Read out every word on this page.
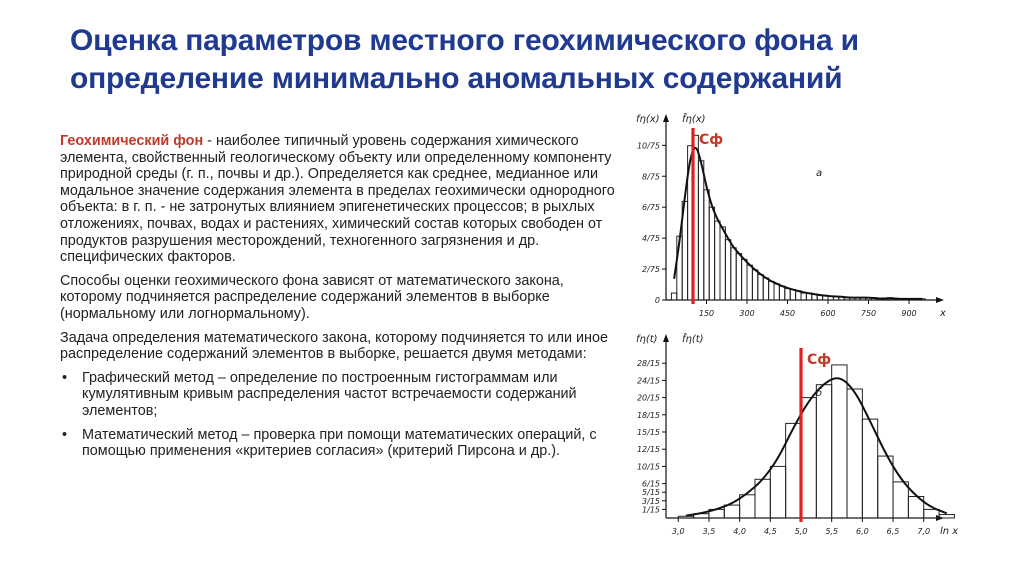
Оценка параметров местного геохимического фона и
определение минимально аномальных содержаний

Геохимический фон - наиболее типичный уровень содержания химического элемента, свойственный геологическому объекту или определенному компоненту природной среды (г. п., почвы и др.). Определяется как среднее, медианное или модальное значение содержания элемента в пределах геохимически однородного объекта: в г. п. - не затронутых влиянием эпигенетических процессов; в рыхлых отложениях, почвах, водах и растениях, химический состав которых свободен от продуктов разрушения месторождений, техногенного загрязнения и др. специфических факторов.

Способы оценки геохимического фона зависят от математического закона, которому подчиняется распределение содержаний элементов в выборке (нормальному или логнормальному).

Задача определения математического закона, которому подчиняется то или иное распределение содержаний элементов в выборке, решается двумя методами:

• Графический метод – определение по построенным гистограммам или кумулятивным кривым распределения частот встречаемости содержаний элементов;
• Математический метод – проверка при помощи математических операций, с помощью применения «критериев согласия» (критерий Пирсона и др.).
150	300	450	600	750	900
0
2/75
4/75
6/75
8/75
10/75
fη(x) f̂η(x)
x
а
Cф
3,0 3,5 4,0 4,5 5,0 5,5 6,0 6,5 7,0
1/15
3/15
5/15
6/15
10/15
12/15
15/15
18/15
20/15
24/15
28/15
fη(t) f̂η(t)
ln x
б
Cф
